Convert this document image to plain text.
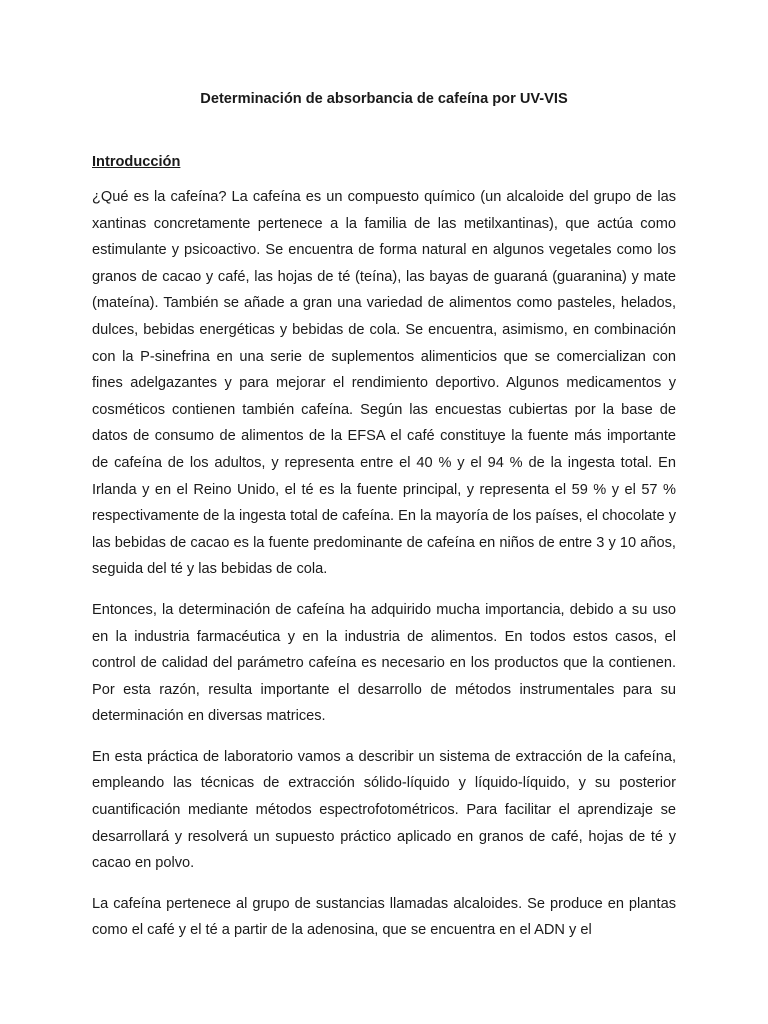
Determinación de absorbancia de cafeína por UV-VIS
Introducción

¿Qué es la cafeína? La cafeína es un compuesto químico (un alcaloide del grupo de las xantinas concretamente pertenece a la familia de las metilxantinas), que actúa como estimulante y psicoactivo. Se encuentra de forma natural en algunos vegetales como los granos de cacao y café, las hojas de té (teína), las bayas de guaraná (guaranina) y mate (mateína). También se añade a gran una variedad de alimentos como pasteles, helados, dulces, bebidas energéticas y bebidas de cola. Se encuentra, asimismo, en combinación con la P-sinefrina en una serie de suplementos alimenticios que se comercializan con fines adelgazantes y para mejorar el rendimiento deportivo. Algunos medicamentos y cosméticos contienen también cafeína. Según las encuestas cubiertas por la base de datos de consumo de alimentos de la EFSA el café constituye la fuente más importante de cafeína de los adultos, y representa entre el 40 % y el 94 % de la ingesta total. En Irlanda y en el Reino Unido, el té es la fuente principal, y representa el 59 % y el 57 % respectivamente de la ingesta total de cafeína. En la mayoría de los países, el chocolate y las bebidas de cacao es la fuente predominante de cafeína en niños de entre 3 y 10 años, seguida del té y las bebidas de cola.

Entonces, la determinación de cafeína ha adquirido mucha importancia, debido a su uso en la industria farmacéutica y en la industria de alimentos. En todos estos casos, el control de calidad del parámetro cafeína es necesario en los productos que la contienen. Por esta razón, resulta importante el desarrollo de métodos instrumentales para su determinación en diversas matrices.

En esta práctica de laboratorio vamos a describir un sistema de extracción de la cafeína, empleando las técnicas de extracción sólido-líquido y líquido-líquido, y su posterior cuantificación mediante métodos espectrofotométricos. Para facilitar el aprendizaje se desarrollará y resolverá un supuesto práctico aplicado en granos de café, hojas de té y cacao en polvo.

La cafeína pertenece al grupo de sustancias llamadas alcaloides. Se produce en plantas como el café y el té a partir de la adenosina, que se encuentra en el ADN y el
